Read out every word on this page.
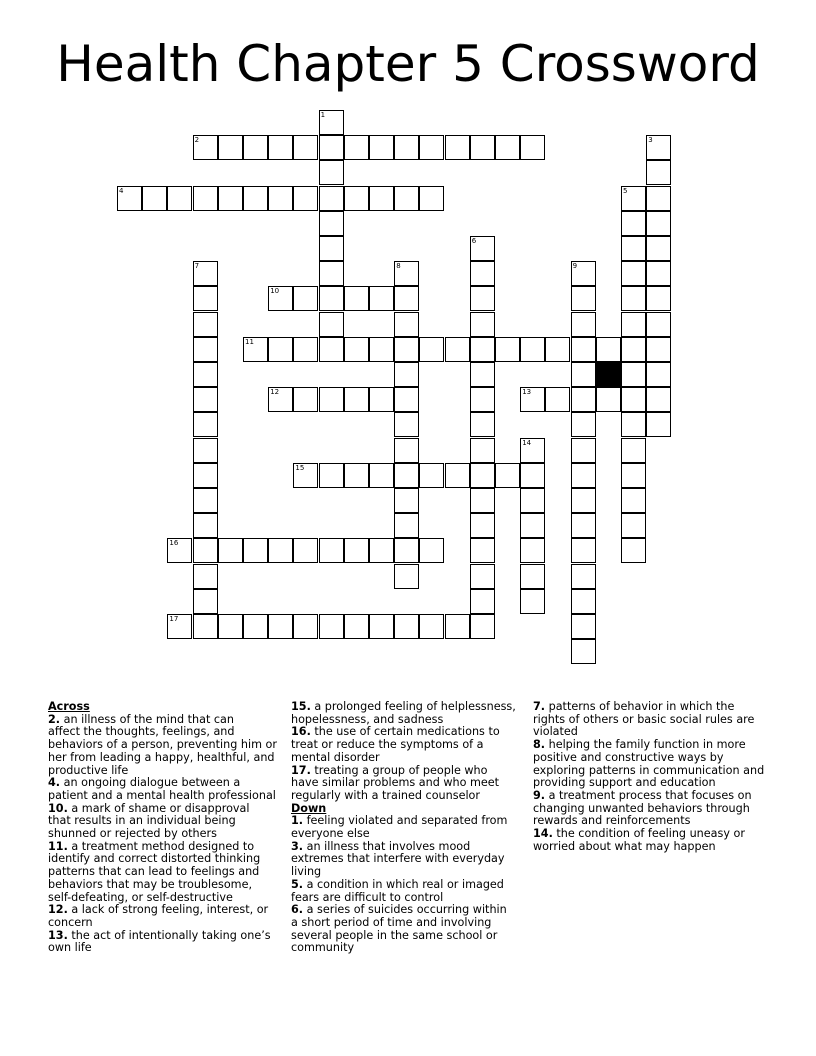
Health Chapter 5 Crossword
1
2	3
4	5
6
7	8	9
10
11
12	13
14
15
16
17
Across
2. an illness of the mind that can
affect the thoughts, feelings, and
behaviors of a person, preventing him or
her from leading a happy, healthful, and
productive life
4. an ongoing dialogue between a
patient and a mental health professional
10. a mark of shame or disapproval
that results in an individual being
shunned or rejected by others
11. a treatment method designed to
identify and correct distorted thinking
patterns that can lead to feelings and
behaviors that may be troublesome,
self-defeating, or self-destructive
12. a lack of strong feeling, interest, or
concern
13. the act of intentionally taking one’s
own life
15. a prolonged feeling of helplessness,
hopelessness, and sadness
16. the use of certain medications to
treat or reduce the symptoms of a
mental disorder
17. treating a group of people who
have similar problems and who meet
regularly with a trained counselor
Down
1. feeling violated and separated from
everyone else
3. an illness that involves mood
extremes that interfere with everyday
living
5. a condition in which real or imaged
fears are difficult to control
6. a series of suicides occurring within
a short period of time and involving
several people in the same school or
community
7. patterns of behavior in which the
rights of others or basic social rules are
violated
8. helping the family function in more
positive and constructive ways by
exploring patterns in communication and
providing support and education
9. a treatment process that focuses on
changing unwanted behaviors through
rewards and reinforcements
14. the condition of feeling uneasy or
worried about what may happen
